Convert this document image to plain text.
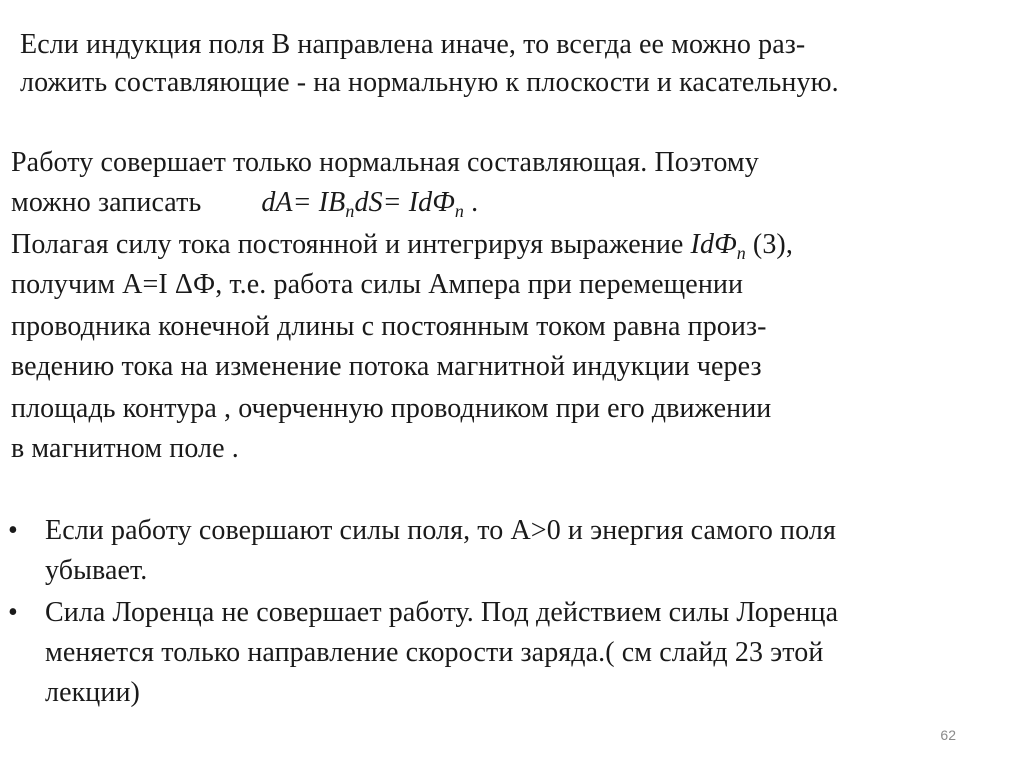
Если индукция поля В направлена иначе, то всегда ее можно раз-
ложить составляющие - на нормальную к плоскости и касательную.
Работу совершает только нормальная составляющая. Поэтому
можно записать $dA= IB_ndS= IdФ_n$ .
Полагая силу тока постоянной и интегрируя выражение IdФ$_n$ (3),
получим А=I ΔФ, т.е. работа силы Ампера при перемещении
проводника конечной длины с постоянным током равна произ-
ведению тока на изменение потока магнитной индукции через
площадь контура , очерченную проводником при его движении
в магнитном поле .
• Если работу совершают силы поля, то А>0 и энергия самого поля
убывает.
• Сила Лоренца не совершает работу. Под действием силы Лоренца
меняется только направление скорости заряда.( см слайд 23 этой
лекции)
62
